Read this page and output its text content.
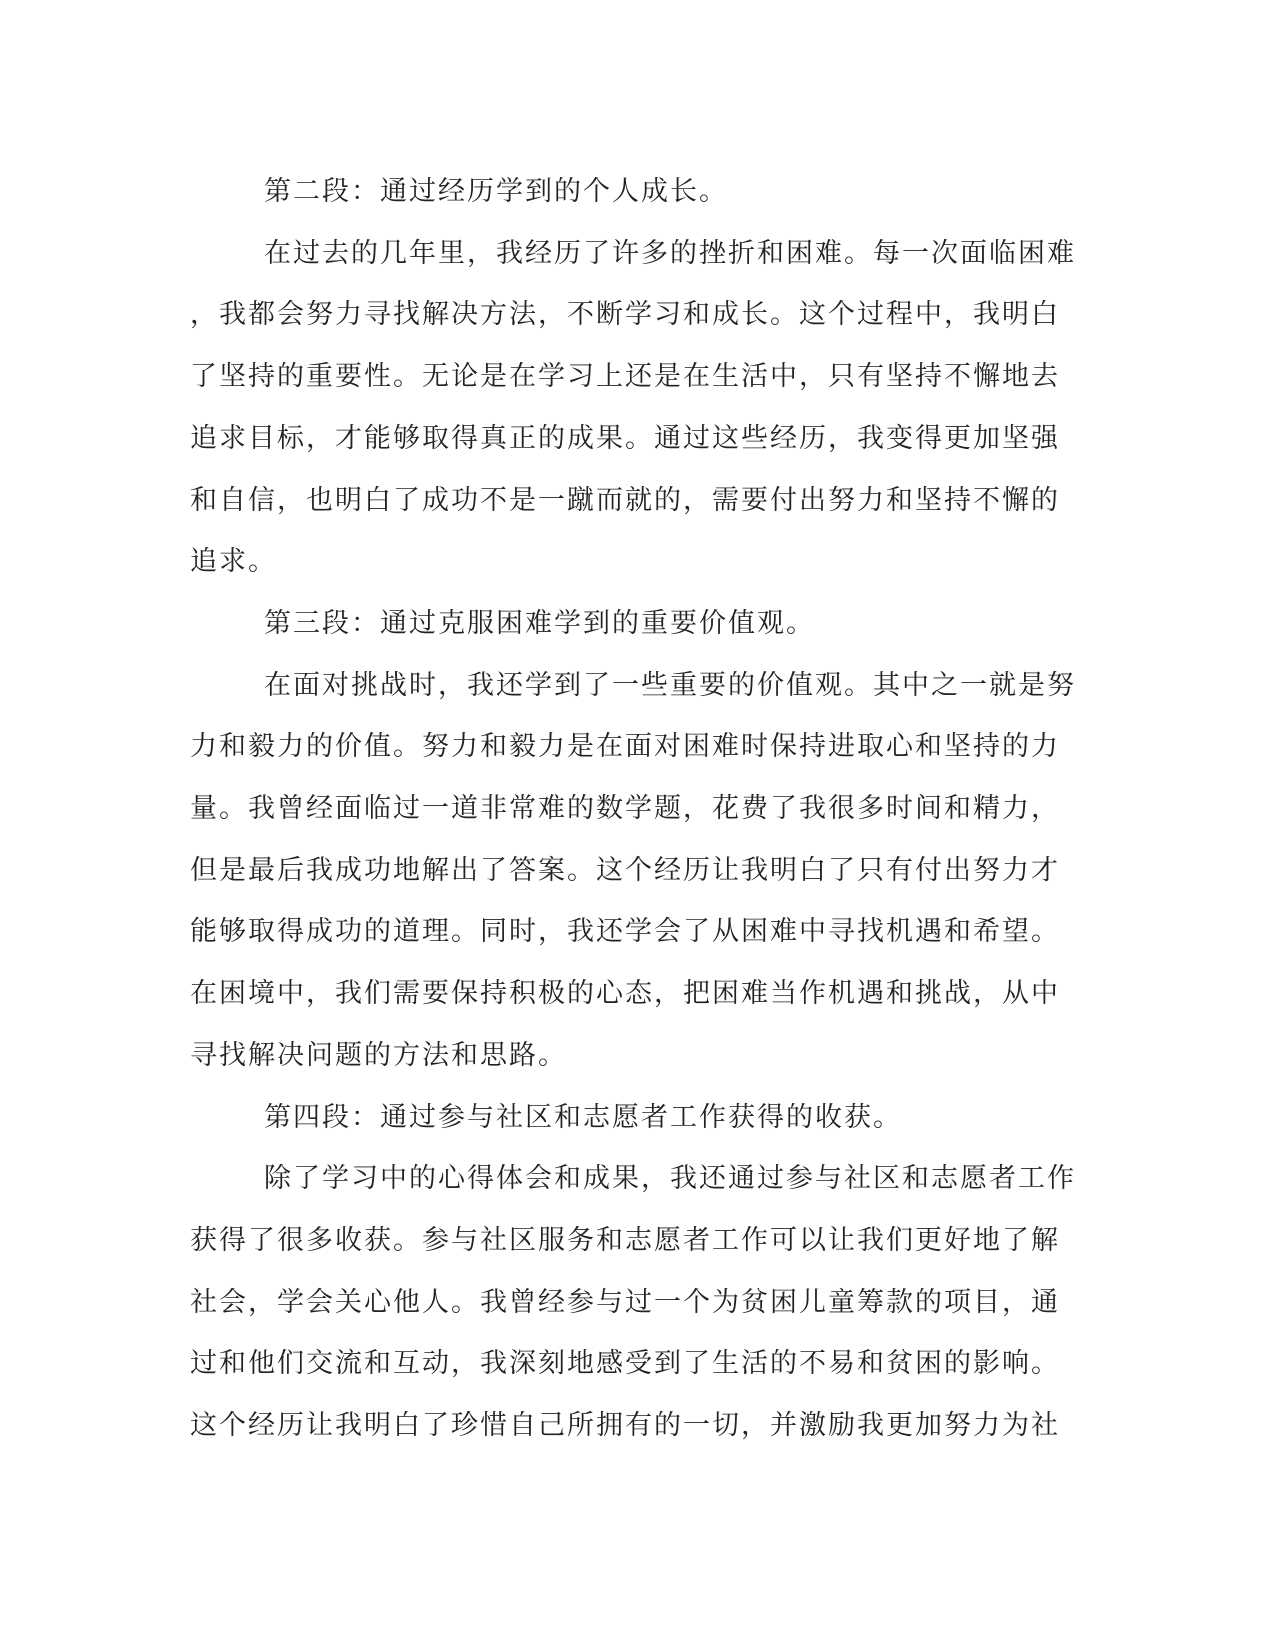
第二段：通过经历学到的个人成长。

在过去的几年里，我经历了许多的挫折和困难。每一次面临困难

，我都会努力寻找解决方法，不断学习和成长。这个过程中，我明白

了坚持的重要性。无论是在学习上还是在生活中，只有坚持不懈地去

追求目标，才能够取得真正的成果。通过这些经历，我变得更加坚强

和自信，也明白了成功不是一蹴而就的，需要付出努力和坚持不懈的

追求。

第三段：通过克服困难学到的重要价值观。

在面对挑战时，我还学到了一些重要的价值观。其中之一就是努

力和毅力的价值。努力和毅力是在面对困难时保持进取心和坚持的力

量。我曾经面临过一道非常难的数学题，花费了我很多时间和精力，

但是最后我成功地解出了答案。这个经历让我明白了只有付出努力才

能够取得成功的道理。同时，我还学会了从困难中寻找机遇和希望。

在困境中，我们需要保持积极的心态，把困难当作机遇和挑战，从中

寻找解决问题的方法和思路。

第四段：通过参与社区和志愿者工作获得的收获。

除了学习中的心得体会和成果，我还通过参与社区和志愿者工作

获得了很多收获。参与社区服务和志愿者工作可以让我们更好地了解

社会，学会关心他人。我曾经参与过一个为贫困儿童筹款的项目，通

过和他们交流和互动，我深刻地感受到了生活的不易和贫困的影响。

这个经历让我明白了珍惜自己所拥有的一切，并激励我更加努力为社
